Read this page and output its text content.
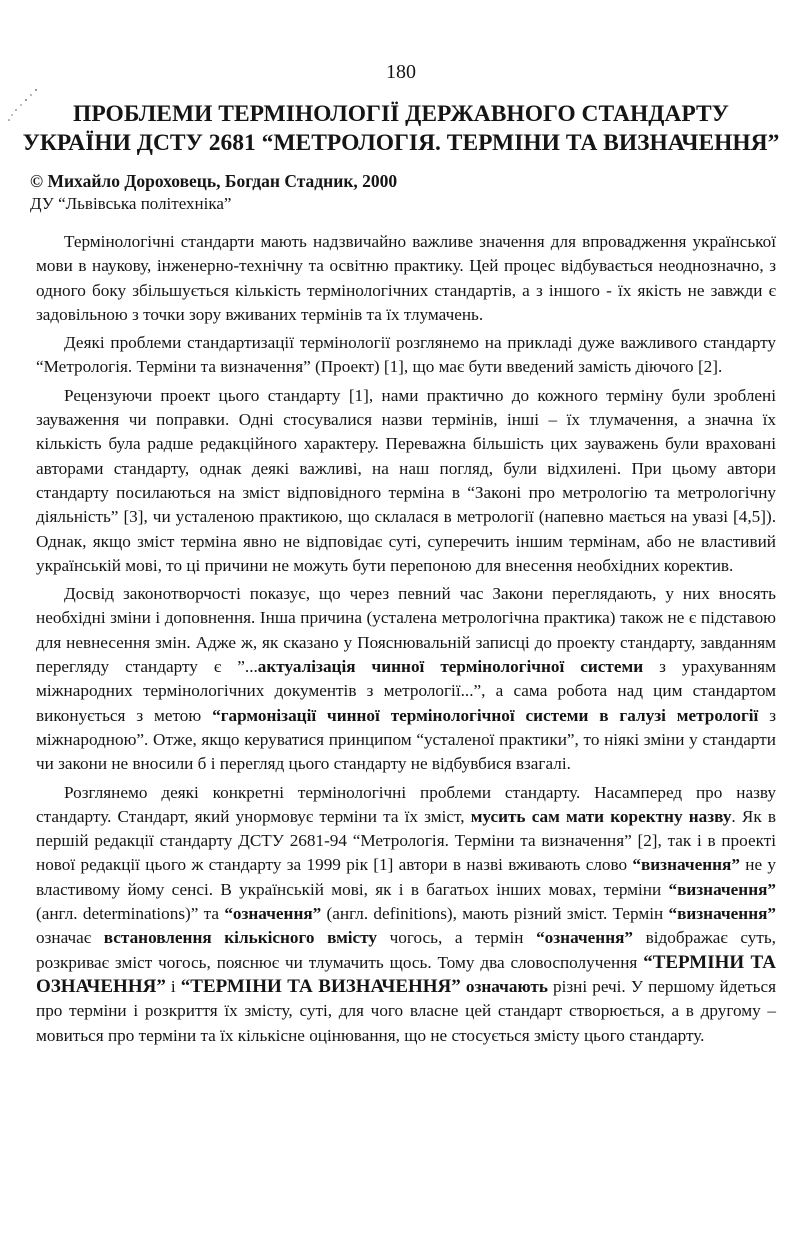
180
ПРОБЛЕМИ ТЕРМІНОЛОГІЇ ДЕРЖАВНОГО СТАНДАРТУ
УКРАЇНИ ДСТУ 2681 “МЕТРОЛОГІЯ. ТЕРМІНИ ТА ВИЗНАЧЕННЯ”
© Михайло Дороховець, Богдан Стадник, 2000
ДУ “Львівська політехніка”

Термінологічні стандарти мають надзвичайно важливе значення для впровадження української мови в наукову, інженерно-технічну та освітню практику. Цей процес відбувається неоднозначно, з одного боку збільшується кількість термінологічних стандартів, а з іншого - їх якість не завжди є задовільною з точки зору вживаних термінів та їх тлумачень.

Деякі проблеми стандартизації термінології розглянемо на прикладі дуже важливого стандарту “Метрологія. Терміни та визначення” (Проект) [1], що має бути введений замість діючого [2].

Рецензуючи проект цього стандарту [1], нами практично до кожного терміну були зроблені зауваження чи поправки. Одні стосувалися назви термінів, інші – їх тлумачення, а значна їх кількість була радше редакційного характеру. Переважна більшість цих зауважень були враховані авторами стандарту, однак деякі важливі, на наш погляд, були відхилені. При цьому автори стандарту посилаються на зміст відповідного терміна в “Законі про метрологію та метрологічну діяльність” [3], чи усталеною практикою, що склалася в метрології (напевно мається на увазі [4,5]). Однак, якщо зміст терміна явно не відповідає суті, суперечить іншим термінам, або не властивий українській мові, то ці причини не можуть бути перепоною для внесення необхідних коректив.

Досвід законотворчості показує, що через певний час Закони переглядають, у них вносять необхідні зміни і доповнення. Інша причина (усталена метрологічна практика) також не є підставою для невнесення змін. Адже ж, як сказано у Пояснювальній записці до проекту стандарту, завданням перегляду стандарту є ”...актуалізація чинної термінологічної системи з урахуванням міжнародних термінологічних документів з метрології...”, а сама робота над цим стандартом виконується з метою “гармонізації чинної термінологічної системи в галузі метрології з міжнародною”. Отже, якщо керуватися принципом “усталеної практики”, то ніякі зміни у стандарти чи закони не вносили б і перегляд цього стандарту не відбувбися взагалі.

Розглянемо деякі конкретні термінологічні проблеми стандарту. Насамперед про назву стандарту. Стандарт, який унормовує терміни та їх зміст, мусить сам мати коректну назву. Як в першій редакції стандарту ДСТУ 2681-94 “Метрологія. Терміни та визначення” [2], так і в проекті нової редакції цього ж стандарту за 1999 рік [1] автори в назві вживають слово “визначення” не у властивому йому сенсі. В українській мові, як і в багатьох інших мовах, терміни “визначення” (англ. determinations)” та “означення” (англ. definitions), мають різний зміст. Термін “визначення” означає встановлення кількісного вмісту чогось, а термін “означення” відображає суть, розкриває зміст чогось, пояснює чи тлумачить щось. Тому два словосполучення “ТЕРМІНИ ТА ОЗНАЧЕННЯ” і “ТЕРМІНИ ТА ВИЗНАЧЕННЯ” означають різні речі. У першому йдеться про терміни і розкриття їх змісту, суті, для чого власне цей стандарт створюється, а в другому – мовиться про терміни та їх кількісне оцінювання, що не стосується змісту цього стандарту.
